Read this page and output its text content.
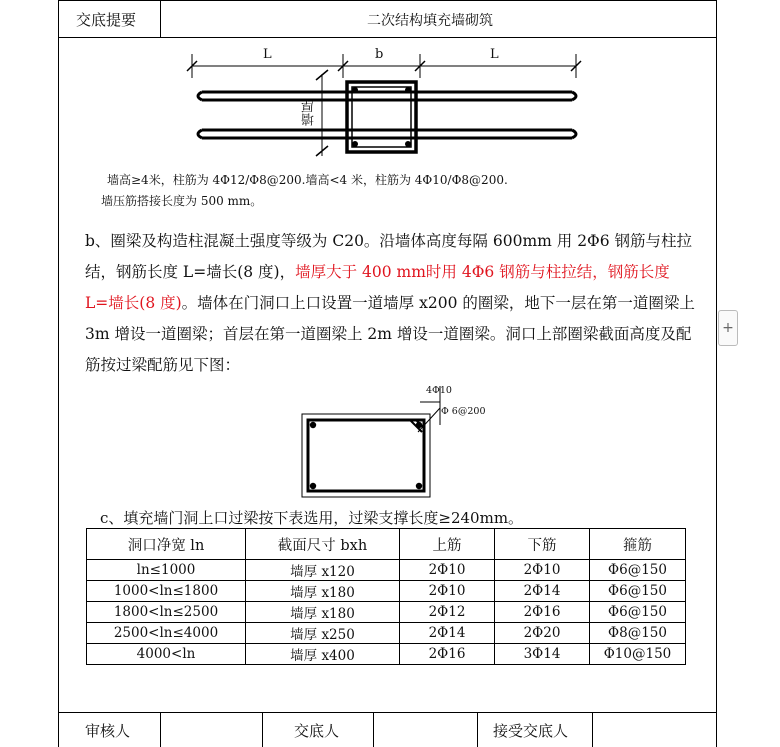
交底提要	二次结构填充墙砌筑
L	b	L
墙厚
墙高≥4米，柱筋为 4Φ12/Φ8@200.墙高<4 米，柱筋为 4Φ10/Φ8@200.
墙压筋搭接长度为 500 mm。
b、圈梁及构造柱混凝土强度等级为 C20。沿墙体高度每隔 600mm 用 2Φ6 钢筋与柱拉结，钢筋长度 L=墙长(8 度)，墙厚大于 400 mm时用 4Φ6 钢筋与柱拉结，钢筋长度 L=墙长(8 度)。墙体在门洞口上口设置一道墙厚 x200 的圈梁，地下一层在第一道圈梁上 3m 增设一道圈梁；首层在第一道圈梁上 2m 增设一道圈梁。洞口上部圈梁截面高度及配筋按过梁配筋见下图：
4Φ10
Φ 6@200
c、填充墙门洞上口过梁按下表选用，过梁支撑长度≥240mm。
洞口净宽 ln	截面尺寸 bxh	上筋	下筋	箍筋
ln≤1000	墙厚 x120	2Φ10	2Φ10	Φ6@150
1000<ln≤1800	墙厚 x180	2Φ10	2Φ14	Φ6@150
1800<ln≤2500	墙厚 x180	2Φ12	2Φ16	Φ6@150
2500<ln≤4000	墙厚 x250	2Φ14	2Φ20	Φ8@150
4000<ln	墙厚 x400	2Φ16	3Φ14	Φ10@150
审核人	交底人	接受交底人
+
